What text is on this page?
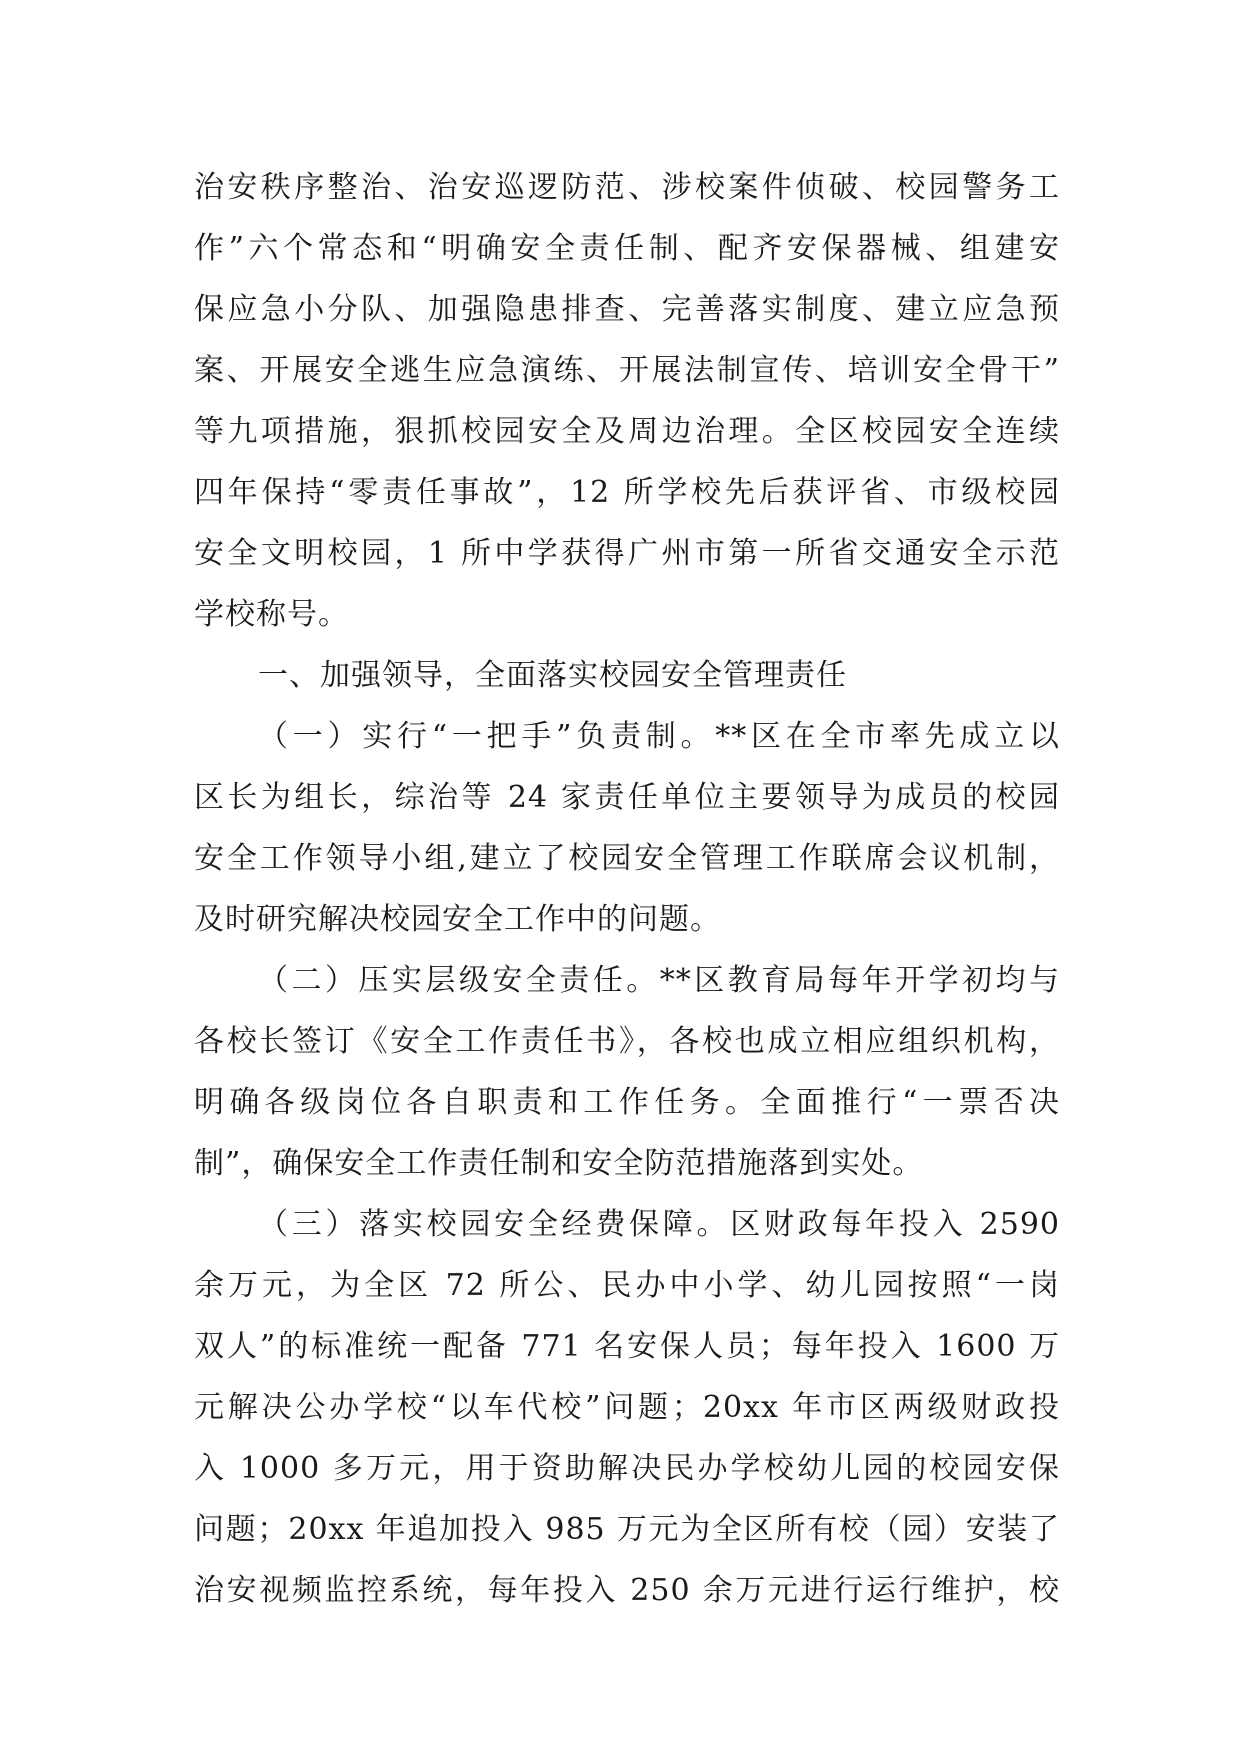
治安秩序整治、治安巡逻防范、涉校案件侦破、校园警务工
作”六个常态和“明确安全责任制、配齐安保器械、组建安
保应急小分队、加强隐患排查、完善落实制度、建立应急预
案、开展安全逃生应急演练、开展法制宣传、培训安全骨干”
等九项措施，狠抓校园安全及周边治理。全区校园安全连续
四年保持“零责任事故”，12 所学校先后获评省、市级校园
安全文明校园，1 所中学获得广州市第一所省交通安全示范
学校称号。
一、加强领导，全面落实校园安全管理责任
（一）实行“一把手”负责制。**区在全市率先成立以
区长为组长，综治等 24 家责任单位主要领导为成员的校园
安全工作领导小组,建立了校园安全管理工作联席会议机制，
及时研究解决校园安全工作中的问题。
（二）压实层级安全责任。**区教育局每年开学初均与
各校长签订《安全工作责任书》，各校也成立相应组织机构，
明确各级岗位各自职责和工作任务。全面推行“一票否决
制”，确保安全工作责任制和安全防范措施落到实处。
（三）落实校园安全经费保障。区财政每年投入 2590
余万元，为全区 72 所公、民办中小学、幼儿园按照“一岗
双人”的标准统一配备 771 名安保人员；每年投入 1600 万
元解决公办学校“以车代校”问题；20xx 年市区两级财政投
入 1000 多万元，用于资助解决民办学校幼儿园的校园安保
问题；20xx 年追加投入 985 万元为全区所有校（园）安装了
治安视频监控系统，每年投入 250 余万元进行运行维护，校
